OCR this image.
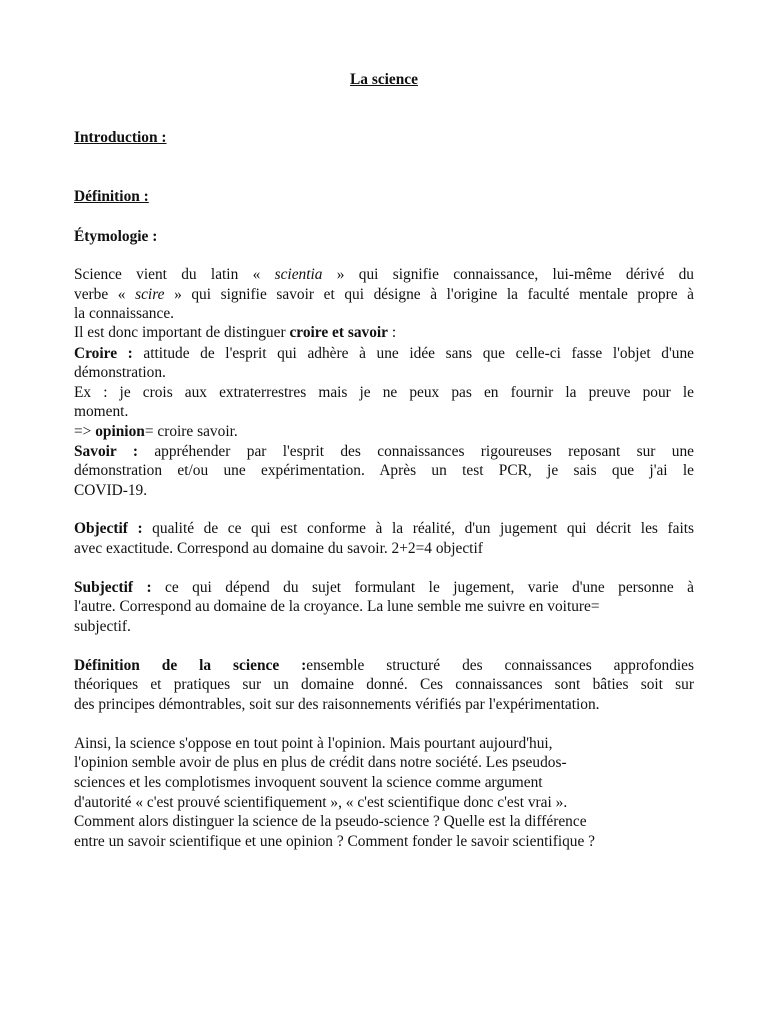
La science
Introduction :
Définition :
Étymologie :
Science vient du latin « scientia » qui signifie connaissance, lui-même dérivé du
verbe « scire » qui signifie savoir et qui désigne à l'origine la faculté mentale propre à
la connaissance.
Il est donc important de distinguer croire et savoir :
Croire : attitude de l'esprit qui adhère à une idée sans que celle-ci fasse l'objet d'une
démonstration.
Ex : je crois aux extraterrestres mais je ne peux pas en fournir la preuve pour le
moment.
=> opinion= croire savoir.
Savoir : appréhender par l'esprit des connaissances rigoureuses reposant sur une
démonstration et/ou une expérimentation. Après un test PCR, je sais que j'ai le
COVID-19.
Objectif : qualité de ce qui est conforme à la réalité, d'un jugement qui décrit les faits
avec exactitude. Correspond au domaine du savoir. 2+2=4 objectif
Subjectif : ce qui dépend du sujet formulant le jugement, varie d'une personne à
l'autre. Correspond au domaine de la croyance. La lune semble me suivre en voiture=
subjectif.
Définition de la science :ensemble structuré des connaissances approfondies
théoriques et pratiques sur un domaine donné. Ces connaissances sont bâties soit sur
des principes démontrables, soit sur des raisonnements vérifiés par l'expérimentation.
Ainsi, la science s'oppose en tout point à l'opinion. Mais pourtant aujourd'hui,
l'opinion semble avoir de plus en plus de crédit dans notre société. Les pseudos-
sciences et les complotismes invoquent souvent la science comme argument
d'autorité « c'est prouvé scientifiquement », « c'est scientifique donc c'est vrai ».
Comment alors distinguer la science de la pseudo-science ? Quelle est la différence
entre un savoir scientifique et une opinion ? Comment fonder le savoir scientifique ?
